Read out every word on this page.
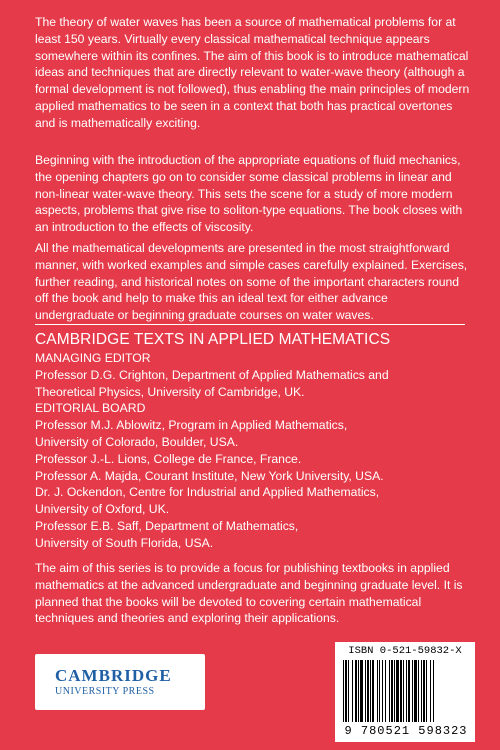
The theory of water waves has been a source of mathematical problems for at least 150 years. Virtually every classical mathematical technique appears somewhere within its confines. The aim of this book is to introduce mathematical ideas and techniques that are directly relevant to water-wave theory (although a formal development is not followed), thus enabling the main principles of modern applied mathematics to be seen in a context that both has practical overtones and is mathematically exciting.

Beginning with the introduction of the appropriate equations of fluid mechanics, the opening chapters go on to consider some classical problems in linear and non-linear water-wave theory. This sets the scene for a study of more modern aspects, problems that give rise to soliton-type equations. The book closes with an introduction to the effects of viscosity.

All the mathematical developments are presented in the most straightforward manner, with worked examples and simple cases carefully explained. Exercises, further reading, and historical notes on some of the important characters round off the book and help to make this an ideal text for either advance undergraduate or beginning graduate courses on water waves.

CAMBRIDGE TEXTS IN APPLIED MATHEMATICS
MANAGING EDITOR
Professor D.G. Crighton, Department of Applied Mathematics and
Theoretical Physics, University of Cambridge, UK.
EDITORIAL BOARD
Professor M.J. Ablowitz, Program in Applied Mathematics,
University of Colorado, Boulder, USA.
Professor J.-L. Lions, College de France, France.
Professor A. Majda, Courant Institute, New York University, USA.
Dr. J. Ockendon, Centre for Industrial and Applied Mathematics,
University of Oxford, UK.
Professor E.B. Saff, Department of Mathematics,
University of South Florida, USA.

The aim of this series is to provide a focus for publishing textbooks in applied mathematics at the advanced undergraduate and beginning graduate level. It is planned that the books will be devoted to covering certain mathematical techniques and theories and exploring their applications.

CAMBRIDGE
UNIVERSITY PRESS
ISBN 0-521-59832-X
9 780521 598323
